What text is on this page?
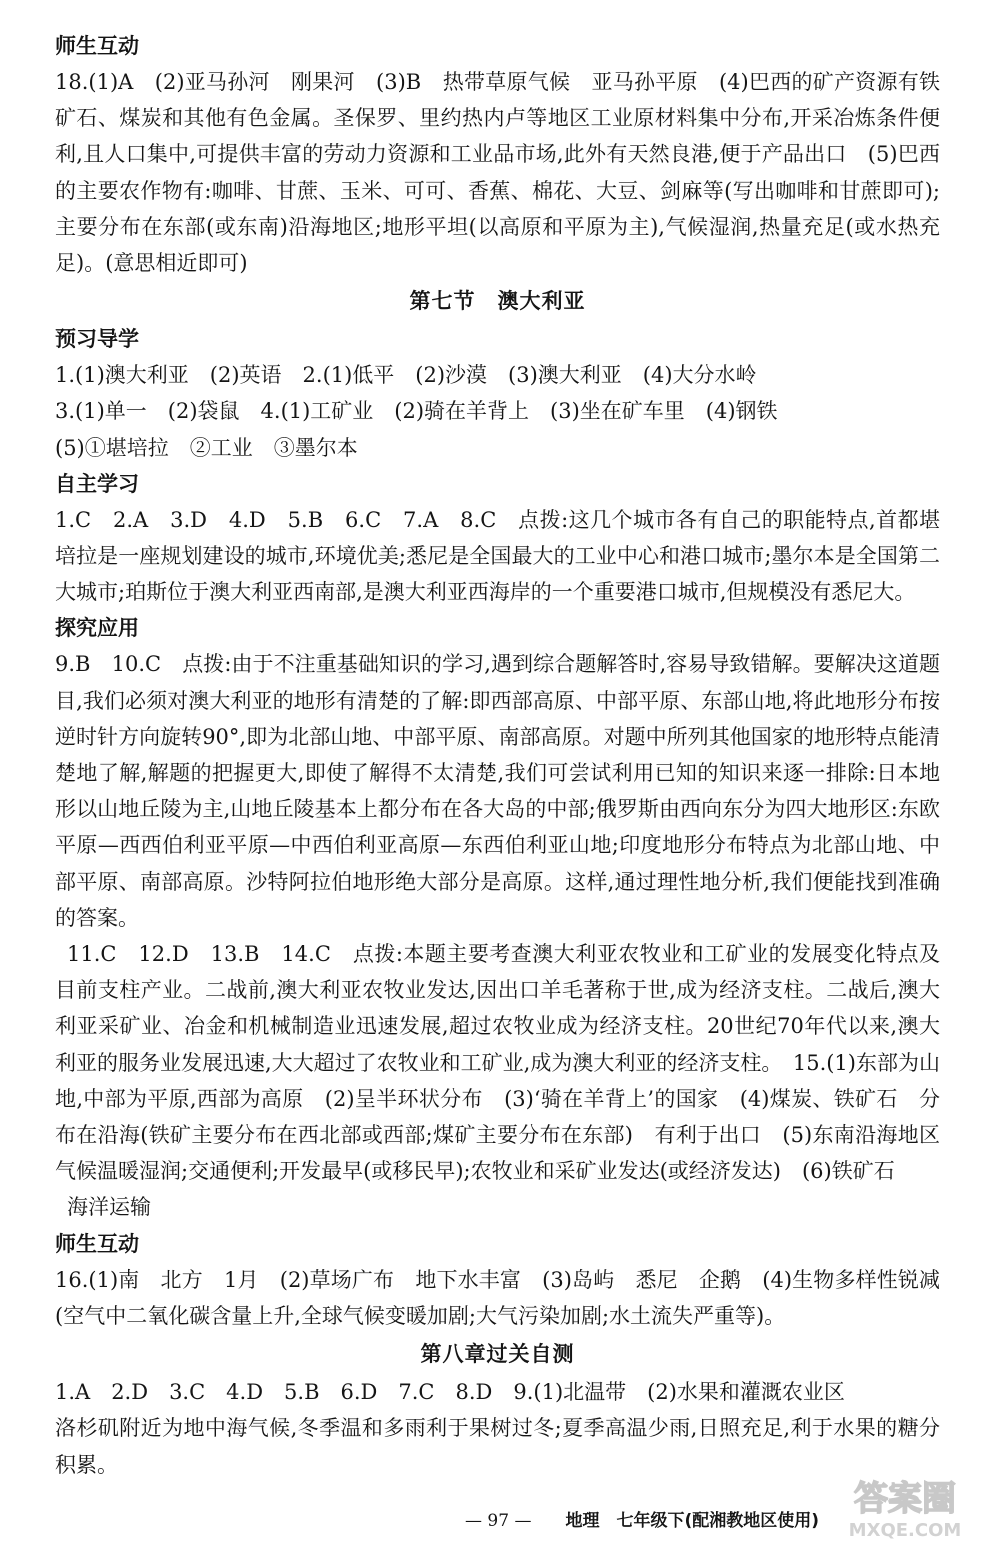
师生互动

18.(1)A　(2)亚马孙河　刚果河　(3)B　热带草原气候　亚马孙平原　(4)巴西的矿产资源有铁矿石、煤炭和其他有色金属。圣保罗、里约热内卢等地区工业原材料集中分布,开采冶炼条件便利,且人口集中,可提供丰富的劳动力资源和工业品市场,此外有天然良港,便于产品出口　(5)巴西的主要农作物有:咖啡、甘蔗、玉米、可可、香蕉、棉花、大豆、剑麻等(写出咖啡和甘蔗即可);主要分布在东部(或东南)沿海地区;地形平坦(以高原和平原为主),气候湿润,热量充足(或水热充足)。(意思相近即可)

第七节　澳大利亚
预习导学

1.(1)澳大利亚　(2)英语　2.(1)低平　(2)沙漠　(3)澳大利亚　(4)大分水岭

3.(1)单一　(2)袋鼠　4.(1)工矿业　(2)骑在羊背上　(3)坐在矿车里　(4)钢铁

(5)①堪培拉　②工业　③墨尔本

自主学习

1.C　2.A　3.D　4.D　5.B　6.C　7.A　8.C　点拨:这几个城市各有自己的职能特点,首都堪培拉是一座规划建设的城市,环境优美;悉尼是全国最大的工业中心和港口城市;墨尔本是全国第二大城市;珀斯位于澳大利亚西南部,是澳大利亚西海岸的一个重要港口城市,但规模没有悉尼大。

探究应用

9.B　10.C　点拨:由于不注重基础知识的学习,遇到综合题解答时,容易导致错解。要解决这道题目,我们必须对澳大利亚的地形有清楚的了解:即西部高原、中部平原、东部山地,将此地形分布按逆时针方向旋转90°,即为北部山地、中部平原、南部高原。对题中所列其他国家的地形特点能清楚地了解,解题的把握更大,即使了解得不太清楚,我们可尝试利用已知的知识来逐一排除:日本地形以山地丘陵为主,山地丘陵基本上都分布在各大岛的中部;俄罗斯由西向东分为四大地形区:东欧平原—西西伯利亚平原—中西伯利亚高原—东西伯利亚山地;印度地形分布特点为北部山地、中部平原、南部高原。沙特阿拉伯地形绝大部分是高原。这样,通过理性地分析,我们便能找到准确的答案。

11.C　12.D　13.B　14.C　点拨:本题主要考查澳大利亚农牧业和工矿业的发展变化特点及目前支柱产业。二战前,澳大利亚农牧业发达,因出口羊毛著称于世,成为经济支柱。二战后,澳大利亚采矿业、冶金和机械制造业迅速发展,超过农牧业成为经济支柱。20世纪70年代以来,澳大利亚的服务业发展迅速,大大超过了农牧业和工矿业,成为澳大利亚的经济支柱。　15.(1)东部为山地,中部为平原,西部为高原　(2)呈半环状分布　(3)‘骑在羊背上’的国家　(4)煤炭、铁矿石　分布在沿海(铁矿主要分布在西北部或西部;煤矿主要分布在东部)　有利于出口　(5)东南沿海地区　气候温暖湿润;交通便利;开发最早(或移民早);农牧业和采矿业发达(或经济发达)　(6)铁矿石

海洋运输

师生互动

16.(1)南　北方　1月　(2)草场广布　地下水丰富　(3)岛屿　悉尼　企鹅　(4)生物多样性锐减(空气中二氧化碳含量上升,全球气候变暖加剧;大气污染加剧;水土流失严重等)。

第八章过关自测

1.A　2.D　3.C　4.D　5.B　6.D　7.C　8.D　9.(1)北温带　(2)水果和灌溉农业区

洛杉矶附近为地中海气候,冬季温和多雨利于果树过冬;夏季高温少雨,日照充足,利于水果的糖分积累。

— 97 —　　 地理　七年级下(配湘教地区使用)
答案圈
MXQE.COM
